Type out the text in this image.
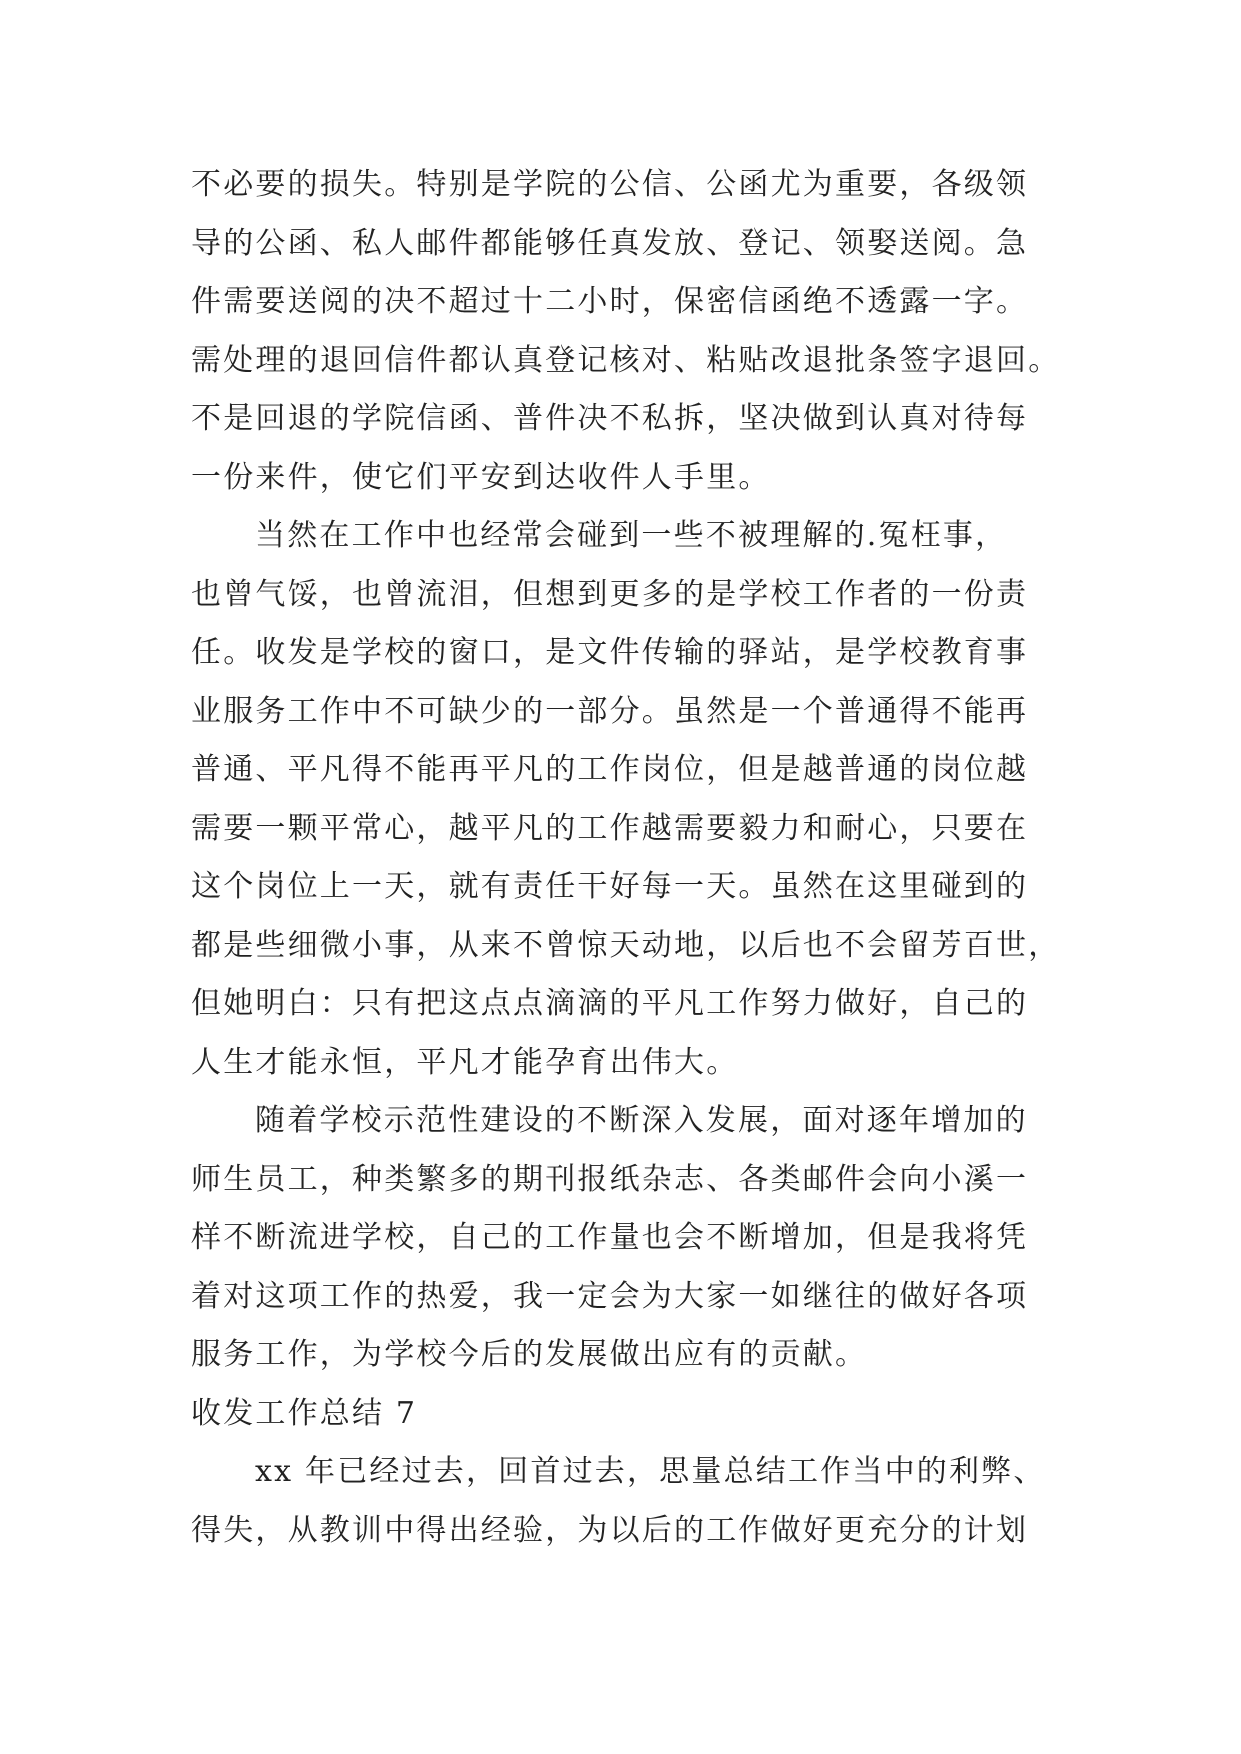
不必要的损失。特别是学院的公信、公函尤为重要，各级领
导的公函、私人邮件都能够任真发放、登记、领娶送阅。急
件需要送阅的决不超过十二小时，保密信函绝不透露一字。
需处理的退回信件都认真登记核对、粘贴改退批条签字退回。
不是回退的学院信函、普件决不私拆，坚决做到认真对待每
一份来件，使它们平安到达收件人手里。
当然在工作中也经常会碰到一些不被理解的.冤枉事，
也曾气馁，也曾流泪，但想到更多的是学校工作者的一份责
任。收发是学校的窗口，是文件传输的驿站，是学校教育事
业服务工作中不可缺少的一部分。虽然是一个普通得不能再
普通、平凡得不能再平凡的工作岗位，但是越普通的岗位越
需要一颗平常心，越平凡的工作越需要毅力和耐心，只要在
这个岗位上一天，就有责任干好每一天。虽然在这里碰到的
都是些细微小事，从来不曾惊天动地，以后也不会留芳百世，
但她明白：只有把这点点滴滴的平凡工作努力做好，自己的
人生才能永恒，平凡才能孕育出伟大。
随着学校示范性建设的不断深入发展，面对逐年增加的
师生员工，种类繁多的期刊报纸杂志、各类邮件会向小溪一
样不断流进学校，自己的工作量也会不断增加，但是我将凭
着对这项工作的热爱，我一定会为大家一如继往的做好各项
服务工作，为学校今后的发展做出应有的贡献。
收发工作总结 7
xx 年已经过去，回首过去，思量总结工作当中的利弊、
得失，从教训中得出经验，为以后的工作做好更充分的计划
